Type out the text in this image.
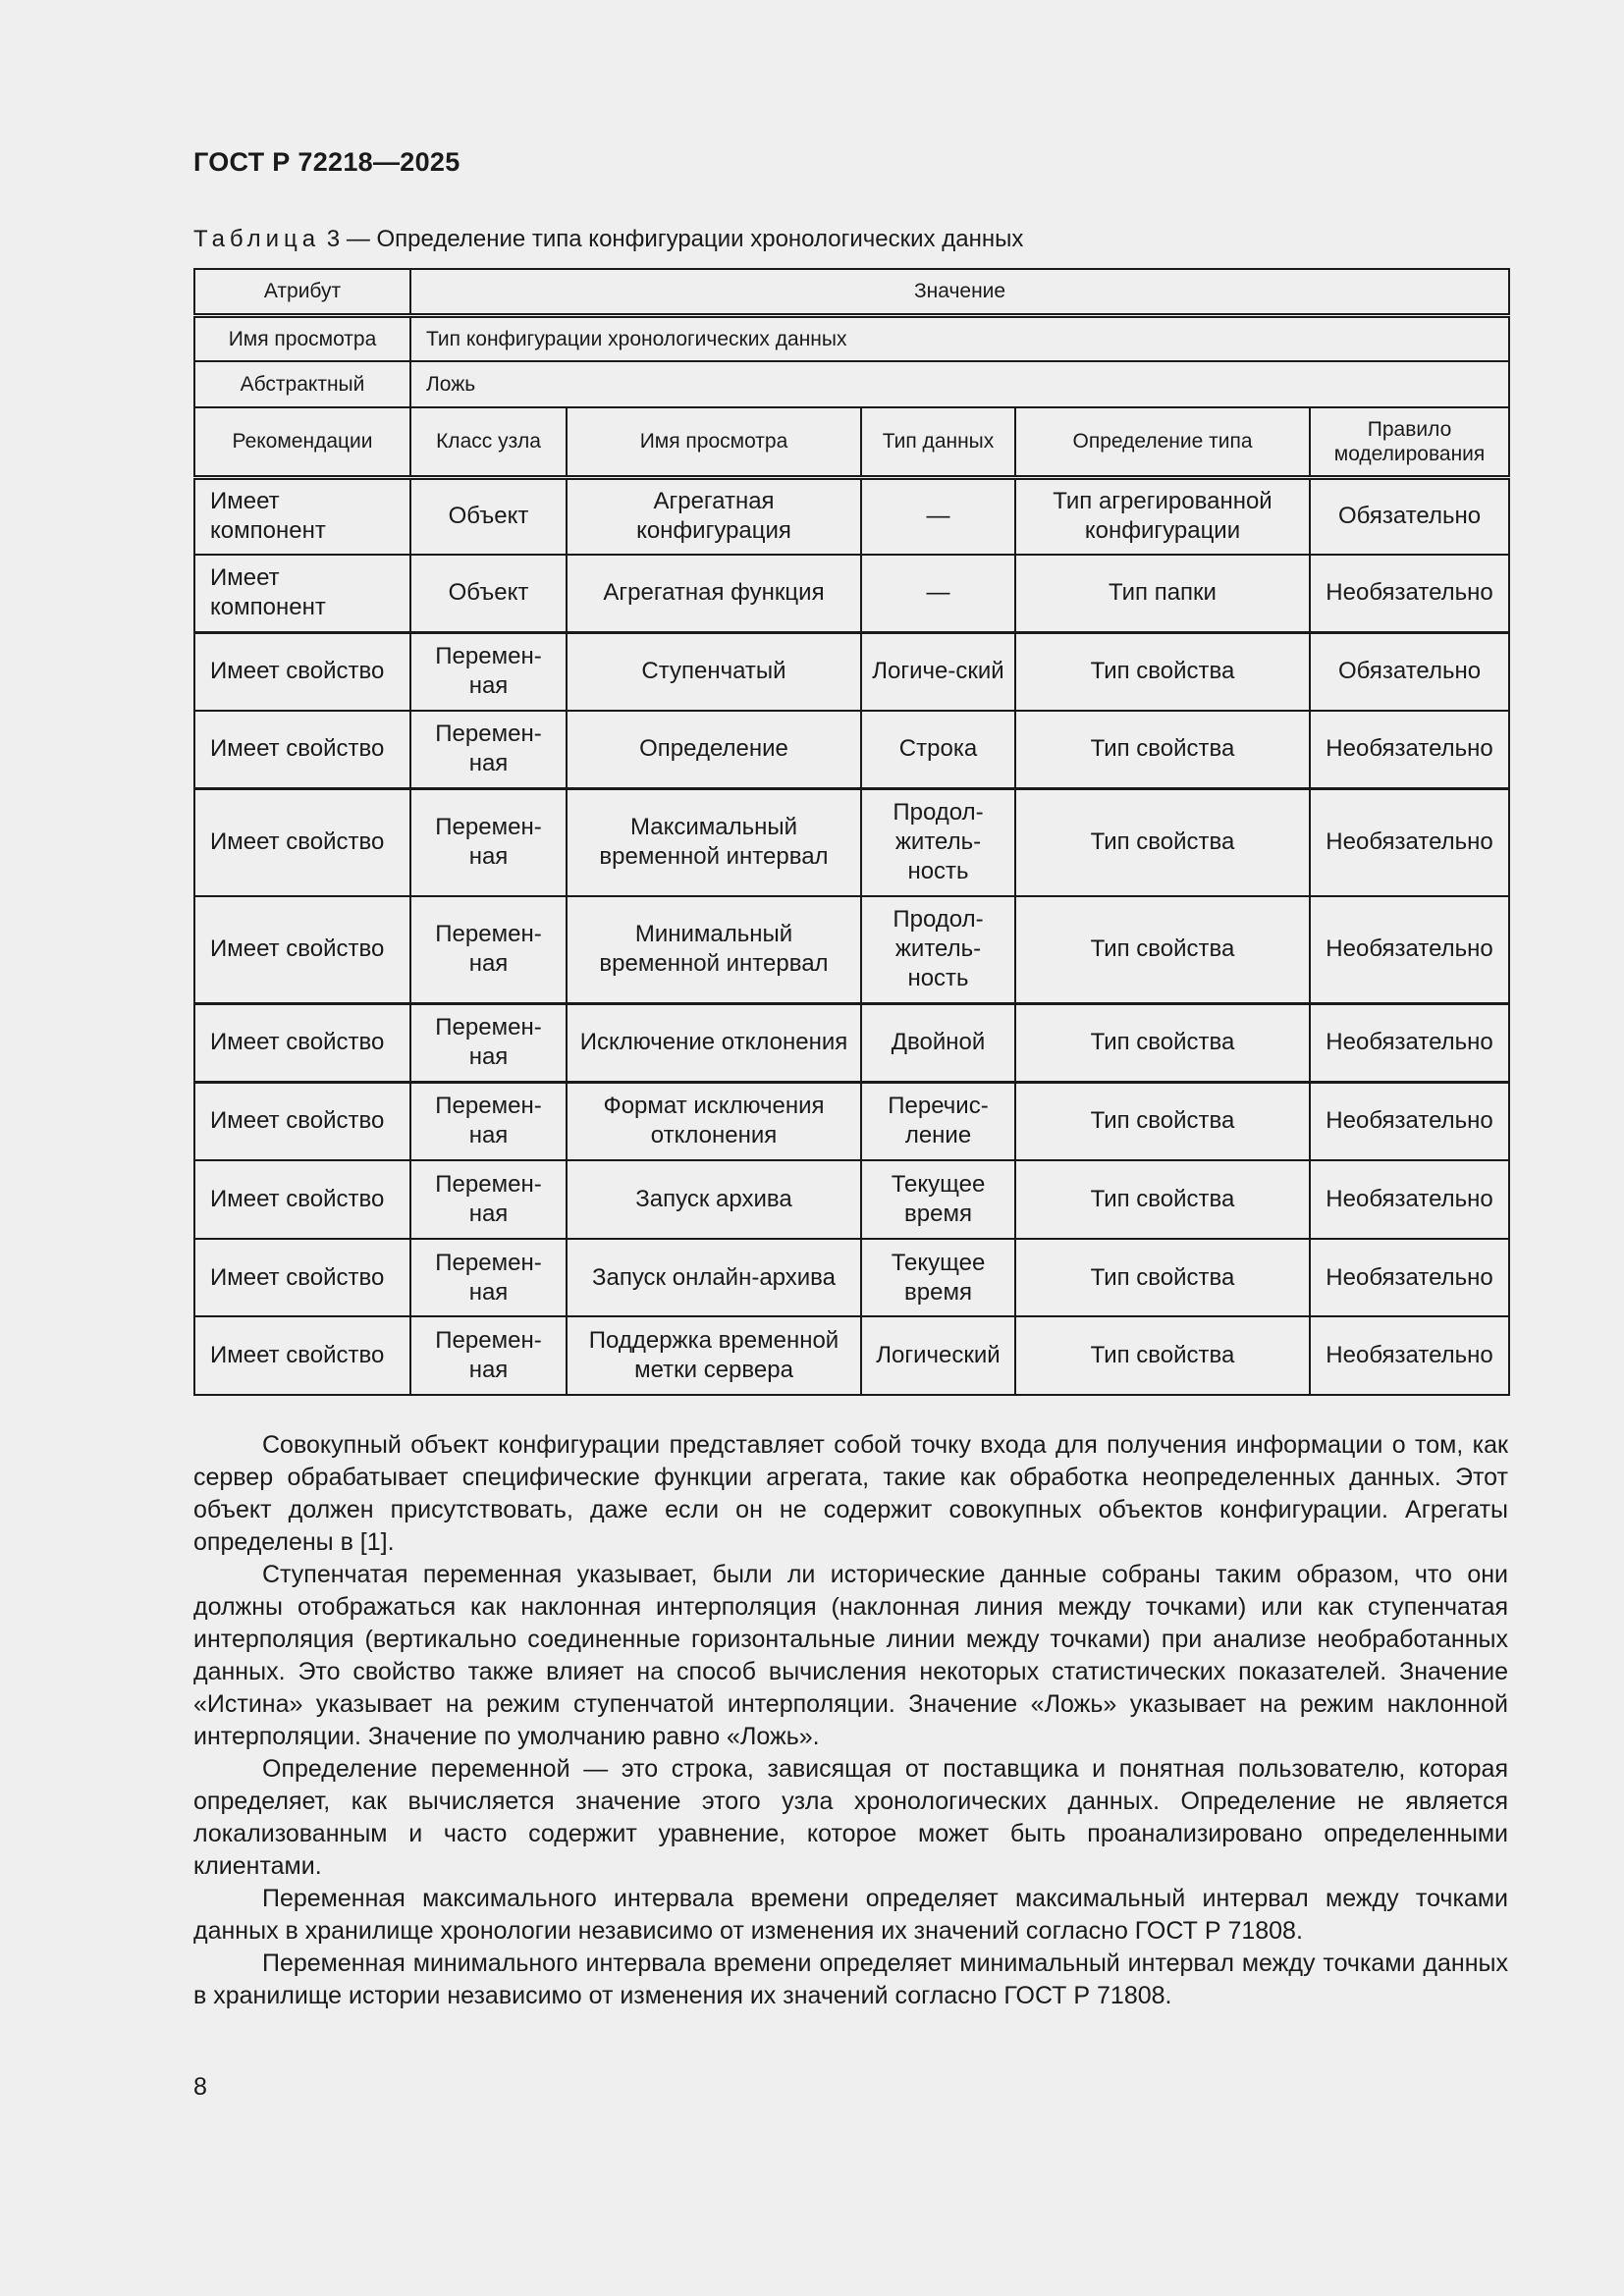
ГОСТ Р 72218—2025
Таблица 3 — Определение типа конфигурации хронологических данных
Атрибут	Значение				
Имя просмотра	Тип конфигурации хронологических данных				
Абстрактный	Ложь				
Рекомендации	Класс узла	Имя просмотра	Тип данных	Определение типа	Правило моделирования
Имеет компонент	Объект	Агрегатная конфигурация	—	Тип агрегированной конфигурации	Обязательно
Имеет компонент	Объект	Агрегатная функция	—	Тип папки	Необязательно
Имеет свойство	Перемен-ная	Ступенчатый	Логиче-ский	Тип свойства	Обязательно
Имеет свойство	Перемен-ная	Определение	Строка	Тип свойства	Необязательно
Имеет свойство	Перемен-ная	Максимальный временной интервал	Продол-житель-ность	Тип свойства	Необязательно
Имеет свойство	Перемен-ная	Минимальный временной интервал	Продол-житель-ность	Тип свойства	Необязательно
Имеет свойство	Перемен-ная	Исключение отклонения	Двойной	Тип свойства	Необязательно
Имеет свойство	Перемен-ная	Формат исключения отклонения	Перечис-ление	Тип свойства	Необязательно
Имеет свойство	Перемен-ная	Запуск архива	Текущее время	Тип свойства	Необязательно
Имеет свойство	Перемен-ная	Запуск онлайн-архива	Текущее время	Тип свойства	Необязательно
Имеет свойство	Перемен-ная	Поддержка временной метки сервера	Логический	Тип свойства	Необязательно

Совокупный объект конфигурации представляет собой точку входа для получения информации о том, как сервер обрабатывает специфические функции агрегата, такие как обработка неопределенных данных. Этот объект должен присутствовать, даже если он не содержит совокупных объектов конфигурации. Агрегаты определены в [1].

Ступенчатая переменная указывает, были ли исторические данные собраны таким образом, что они должны отображаться как наклонная интерполяция (наклонная линия между точками) или как ступенчатая интерполяция (вертикально соединенные горизонтальные линии между точками) при анализе необработанных данных. Это свойство также влияет на способ вычисления некоторых статистических показателей. Значение «Истина» указывает на режим ступенчатой интерполяции. Значение «Ложь» указывает на режим наклонной интерполяции. Значение по умолчанию равно «Ложь».

Определение переменной — это строка, зависящая от поставщика и понятная пользователю, которая определяет, как вычисляется значение этого узла хронологических данных. Определение не является локализованным и часто содержит уравнение, которое может быть проанализировано определенными клиентами.

Переменная максимального интервала времени определяет максимальный интервал между точками данных в хранилище хронологии независимо от изменения их значений согласно ГОСТ Р 71808.

Переменная минимального интервала времени определяет минимальный интервал между точками данных в хранилище истории независимо от изменения их значений согласно ГОСТ Р 71808.

8
